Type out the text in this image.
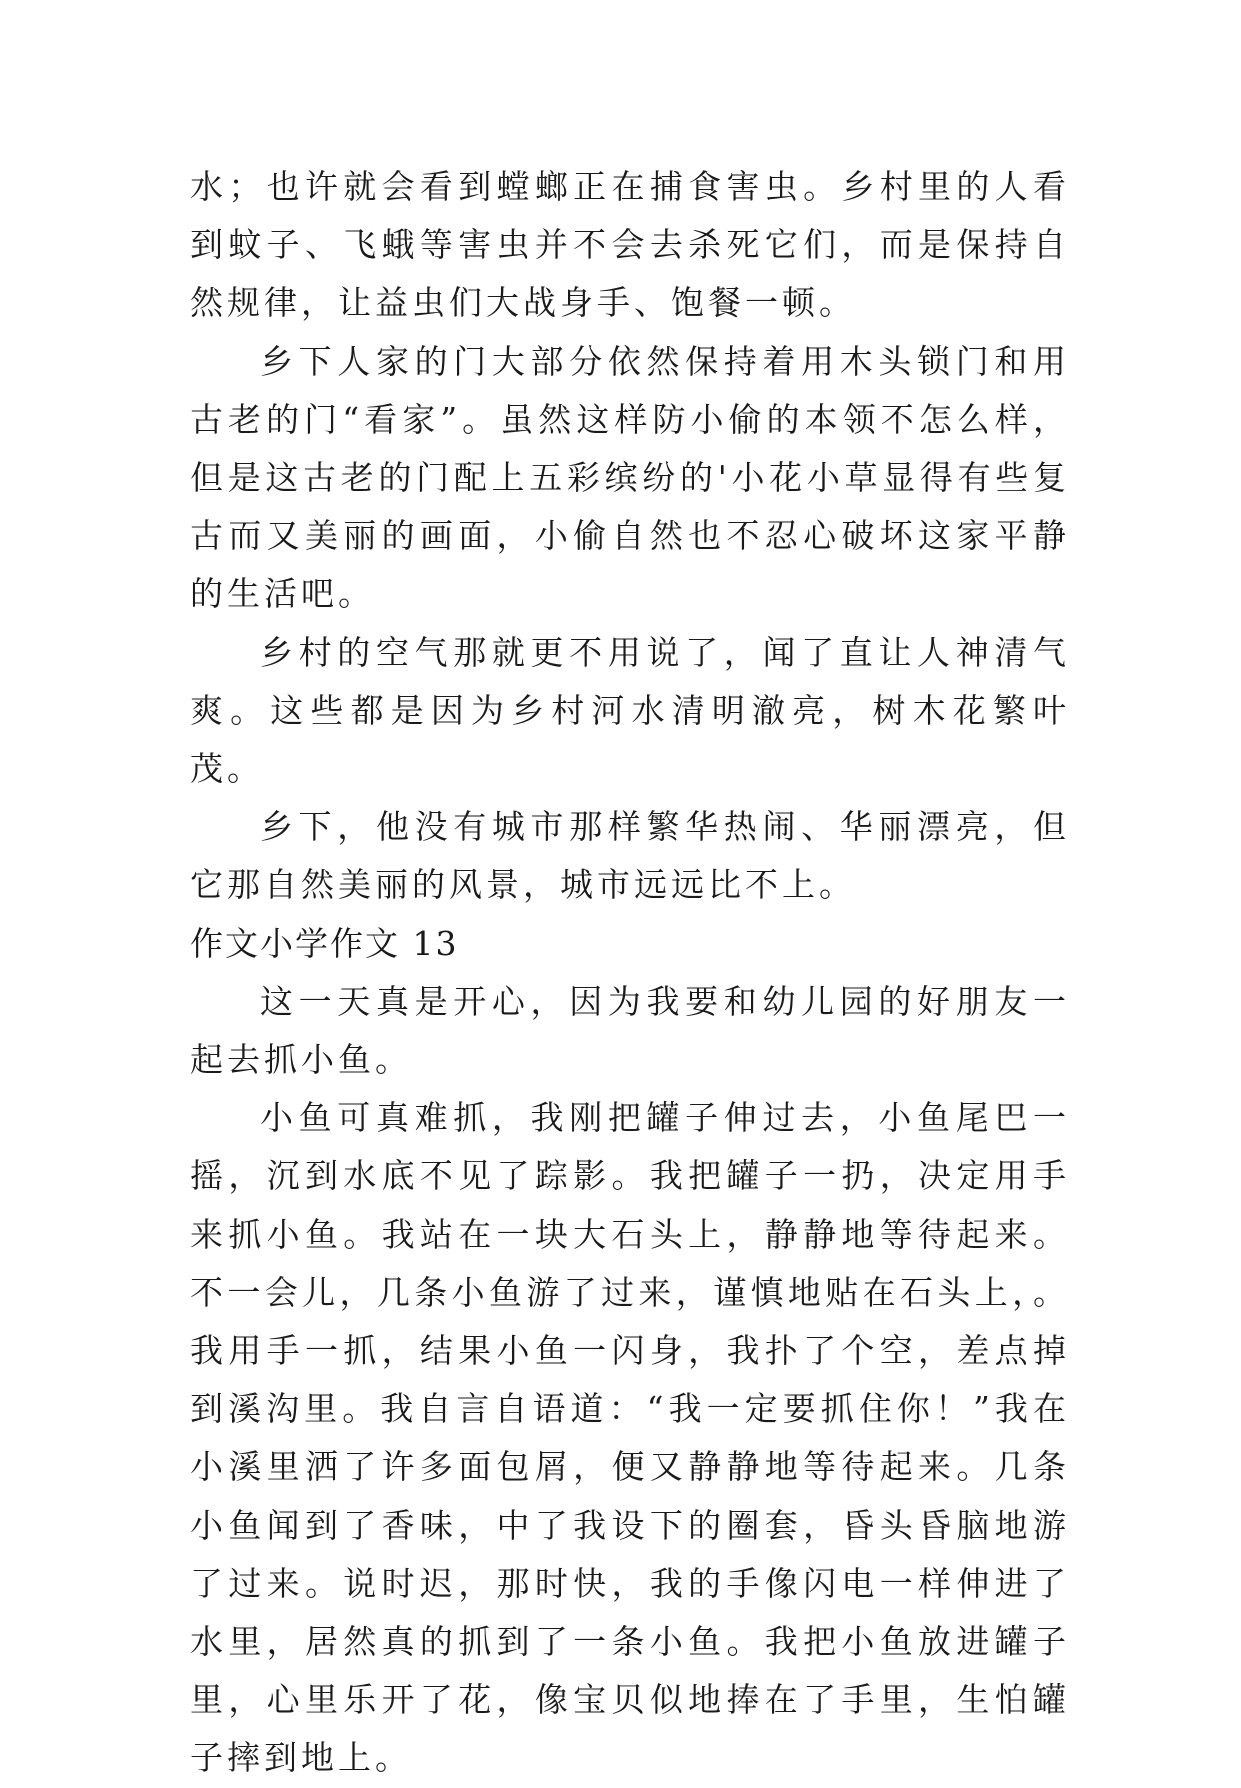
水；也许就会看到螳螂正在捕食害虫。乡村里的人看到蚊子、飞蛾等害虫并不会去杀死它们，而是保持自然规律，让益虫们大战身手、饱餐一顿。

乡下人家的门大部分依然保持着用木头锁门和用古老的门“看家”。虽然这样防小偷的本领不怎么样，但是这古老的门配上五彩缤纷的'小花小草显得有些复古而又美丽的画面，小偷自然也不忍心破坏这家平静的生活吧。

乡村的空气那就更不用说了，闻了直让人神清气爽。这些都是因为乡村河水清明澈亮，树木花繁叶茂。

乡下，他没有城市那样繁华热闹、华丽漂亮，但它那自然美丽的风景，城市远远比不上。

作文小学作文 13

这一天真是开心，因为我要和幼儿园的好朋友一起去抓小鱼。

小鱼可真难抓，我刚把罐子伸过去，小鱼尾巴一摇，沉到水底不见了踪影。我把罐子一扔，决定用手来抓小鱼。我站在一块大石头上，静静地等待起来。不一会儿，几条小鱼游了过来，谨慎地贴在石头上，。我用手一抓，结果小鱼一闪身，我扑了个空，差点掉到溪沟里。我自言自语道：“我一定要抓住你！”我在小溪里洒了许多面包屑，便又静静地等待起来。几条小鱼闻到了香味，中了我设下的圈套，昏头昏脑地游了过来。说时迟，那时快，我的手像闪电一样伸进了水里，居然真的抓到了一条小鱼。我把小鱼放进罐子里，心里乐开了花，像宝贝似地捧在了手里，生怕罐子摔到地上。
